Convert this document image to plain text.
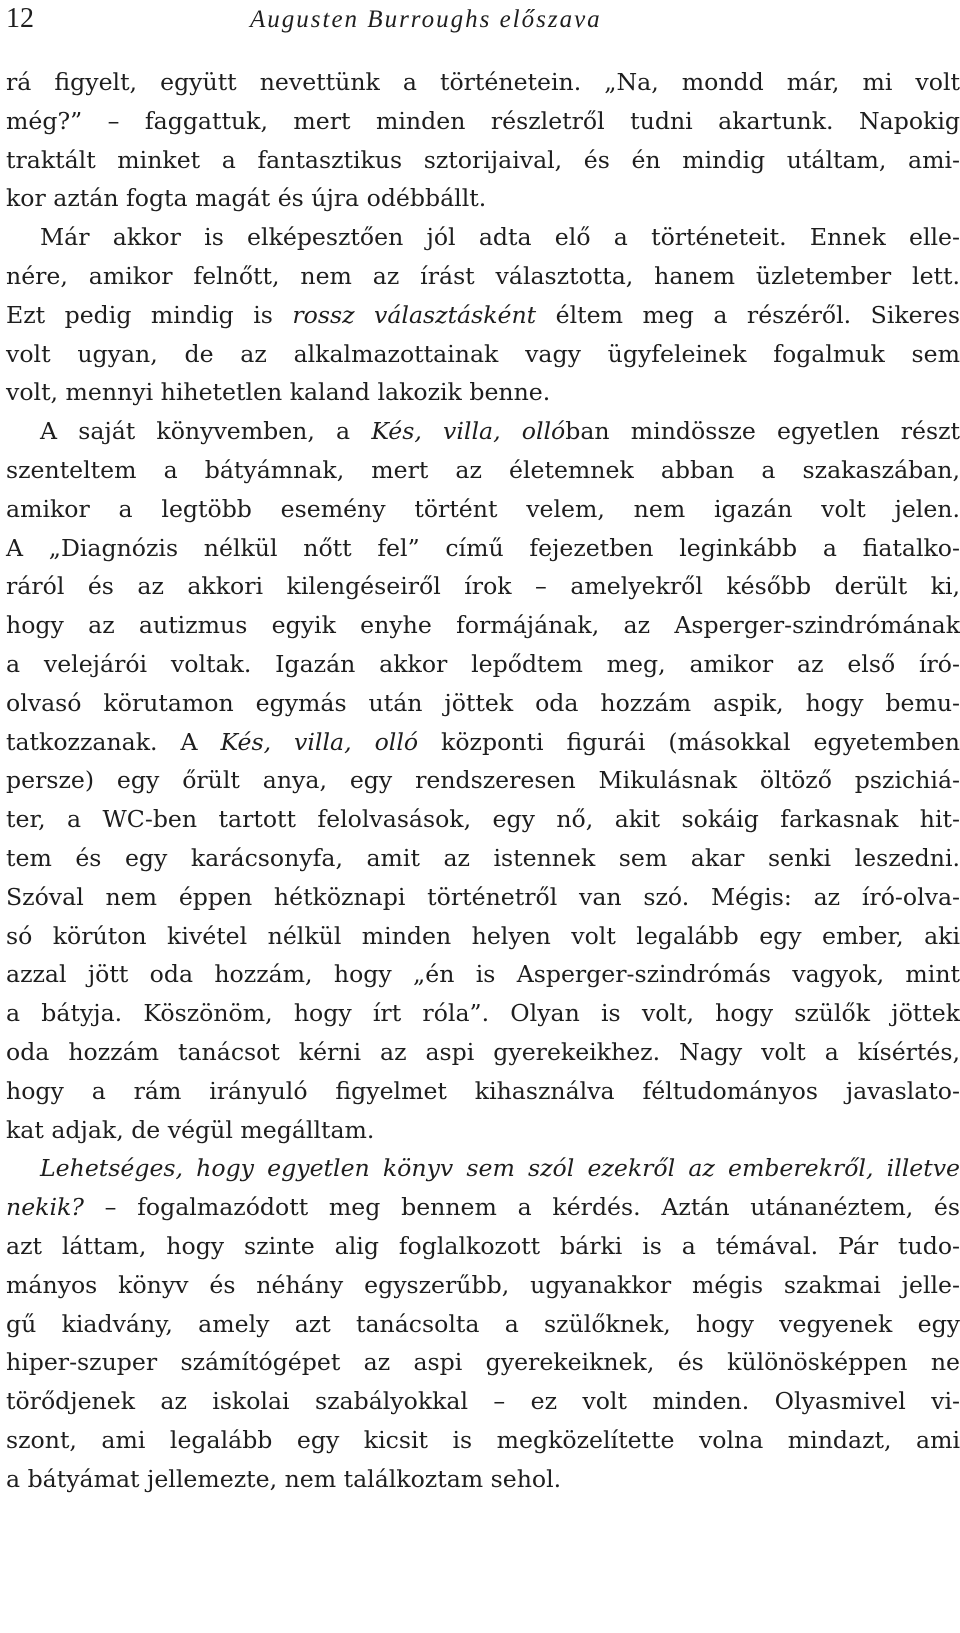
12	Augusten Burroughs előszava
rá figyelt, együtt nevettünk a történetein. „Na, mondd már, mi volt
még?” – faggattuk, mert minden részletről tudni akartunk. Napokig
traktált minket a fantasztikus sztorijaival, és én mindig utáltam, ami-
kor aztán fogta magát és újra odébbállt.
Már akkor is elképesztően jól adta elő a történeteit. Ennek elle-
nére, amikor felnőtt, nem az írást választotta, hanem üzletember lett.
Ezt pedig mindig is rossz választásként éltem meg a részéről. Sikeres
volt ugyan, de az alkalmazottainak vagy ügyfeleinek fogalmuk sem
volt, mennyi hihetetlen kaland lakozik benne.
A saját könyvemben, a Kés, villa, ollóban mindössze egyetlen részt
szenteltem a bátyámnak, mert az életemnek abban a szakaszában,
amikor a legtöbb esemény történt velem, nem igazán volt jelen.
A „Diagnózis nélkül nőtt fel” című fejezetben leginkább a fiatalko-
ráról és az akkori kilengéseiről írok – amelyekről később derült ki,
hogy az autizmus egyik enyhe formájának, az Asperger-szindrómának
a velejárói voltak. Igazán akkor lepődtem meg, amikor az első író-
olvasó körutamon egymás után jöttek oda hozzám aspik, hogy bemu-
tatkozzanak. A Kés, villa, olló központi figurái (másokkal egyetemben
persze) egy őrült anya, egy rendszeresen Mikulásnak öltöző pszichiá-
ter, a WC-ben tartott felolvasások, egy nő, akit sokáig farkasnak hit-
tem és egy karácsonyfa, amit az istennek sem akar senki leszedni.
Szóval nem éppen hétköznapi történetről van szó. Mégis: az író-olva-
só körúton kivétel nélkül minden helyen volt legalább egy ember, aki
azzal jött oda hozzám, hogy „én is Asperger-szindrómás vagyok, mint
a bátyja. Köszönöm, hogy írt róla”. Olyan is volt, hogy szülők jöttek
oda hozzám tanácsot kérni az aspi gyerekeikhez. Nagy volt a kísértés,
hogy a rám irányuló figyelmet kihasználva féltudományos javaslato-
kat adjak, de végül megálltam.
Lehetséges, hogy egyetlen könyv sem szól ezekről az emberekről, illetve
nekik? – fogalmazódott meg bennem a kérdés. Aztán utánanéztem, és
azt láttam, hogy szinte alig foglalkozott bárki is a témával. Pár tudo-
mányos könyv és néhány egyszerűbb, ugyanakkor mégis szakmai jelle-
gű kiadvány, amely azt tanácsolta a szülőknek, hogy vegyenek egy
hiper-szuper számítógépet az aspi gyerekeiknek, és különösképpen ne
törődjenek az iskolai szabályokkal – ez volt minden. Olyasmivel vi-
szont, ami legalább egy kicsit is megközelítette volna mindazt, ami
a bátyámat jellemezte, nem találkoztam sehol.
